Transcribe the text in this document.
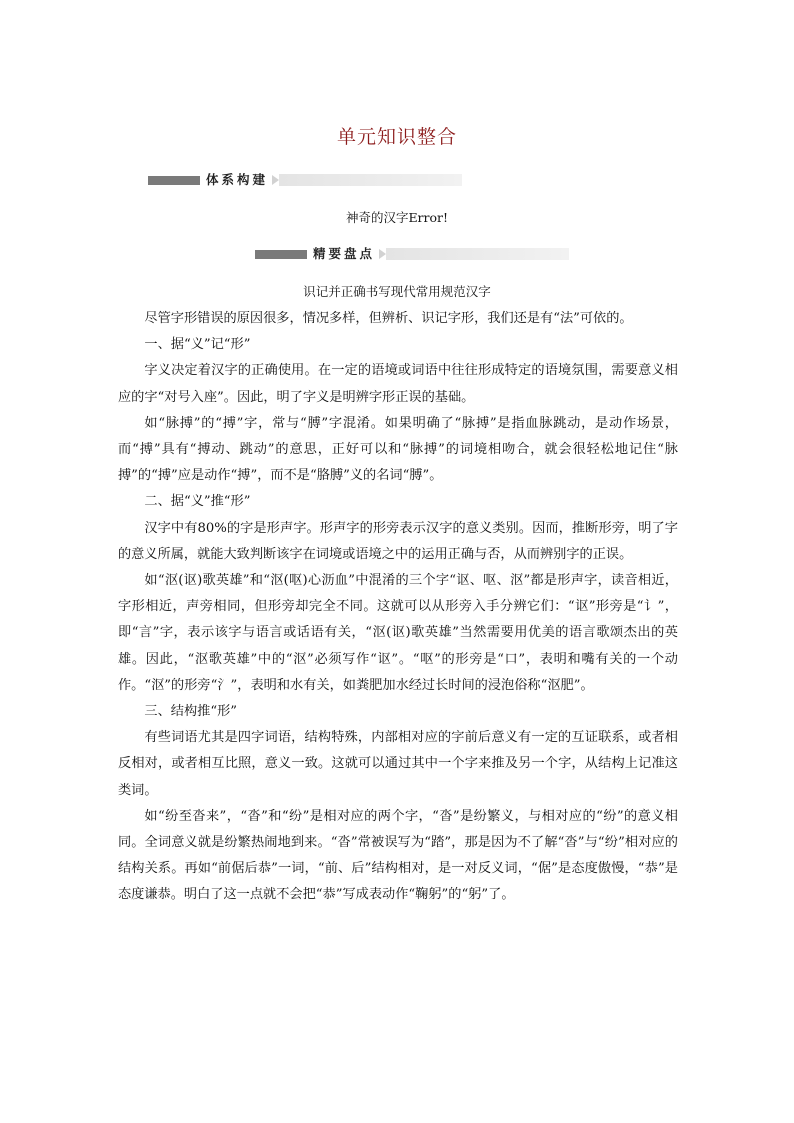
单元知识整合
体系构建
神奇的汉字Error!
精要盘点
识记并正确书写现代常用规范汉字

尽管字形错误的原因很多，情况多样，但辨析、识记字形，我们还是有“法”可依的。

一、据“义”记“形”

字义决定着汉字的正确使用。在一定的语境或词语中往往形成特定的语境氛围，需要意义相应的字“对号入座”。因此，明了字义是明辨字形正误的基础。

如“脉搏”的“搏”字，常与“膊”字混淆。如果明确了“脉搏”是指血脉跳动，是动作场景，而“搏”具有“搏动、跳动”的意思，正好可以和“脉搏”的词境相吻合，就会很轻松地记住“脉搏”的“搏”应是动作“搏”，而不是“胳膊”义的名词“膊”。

二、据“义”推“形”

汉字中有80%的字是形声字。形声字的形旁表示汉字的意义类别。因而，推断形旁，明了字的意义所属，就能大致判断该字在词境或语境之中的运用正确与否，从而辨别字的正误。

如“沤(讴)歌英雄”和“沤(呕)心沥血”中混淆的三个字“讴、呕、沤”都是形声字，读音相近，字形相近，声旁相同，但形旁却完全不同。这就可以从形旁入手分辨它们：“讴”形旁是“讠”，即“言”字，表示该字与语言或话语有关，“沤(讴)歌英雄”当然需要用优美的语言歌颂杰出的英雄。因此，“沤歌英雄”中的“沤”必须写作“讴”。“呕”的形旁是“口”，表明和嘴有关的一个动作。“沤”的形旁“氵”，表明和水有关，如粪肥加水经过长时间的浸泡俗称“沤肥”。

三、结构推“形”

有些词语尤其是四字词语，结构特殊，内部相对应的字前后意义有一定的互证联系，或者相反相对，或者相互比照，意义一致。这就可以通过其中一个字来推及另一个字，从结构上记准这类词。

如“纷至沓来”，“沓”和“纷”是相对应的两个字，“沓”是纷繁义，与相对应的“纷”的意义相同。全词意义就是纷繁热闹地到来。“沓”常被误写为“踏”，那是因为不了解“沓”与“纷”相对应的结构关系。再如“前倨后恭”一词，“前、后”结构相对，是一对反义词，“倨”是态度傲慢，“恭”是态度谦恭。明白了这一点就不会把“恭”写成表动作“鞠躬”的“躬”了。
